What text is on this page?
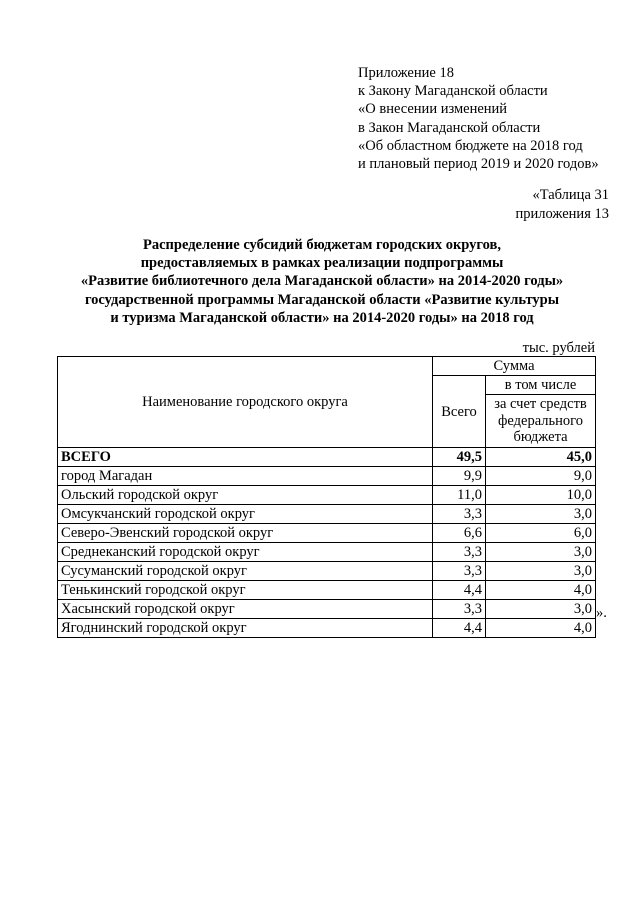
Приложение 18
к Закону Магаданской области
«О внесении изменений
в Закон Магаданской области
«Об областном бюджете на 2018 год
и плановый период 2019 и 2020 годов»
«Таблица 31
приложения 13
Распределение субсидий бюджетам городских округов,
предоставляемых в рамках реализации подпрограммы
«Развитие библиотечного дела Магаданской области» на 2014-2020 годы»
государственной программы Магаданской области «Развитие культуры
и туризма Магаданской области» на 2014-2020 годы» на 2018 год
тыс. рублей
Наименование городского округа	Сумма	
	Всего	в том числе
		за счет средств федерального бюджета
ВСЕГО	49,5	45,0
город Магадан	9,9	9,0
Ольский городской округ	11,0	10,0
Омсукчанский городской округ	3,3	3,0
Северо-Эвенский городской округ	6,6	6,0
Среднеканский городской округ	3,3	3,0
Сусуманский городской округ	3,3	3,0
Тенькинский городской округ	4,4	4,0
Хасынский городской округ	3,3	3,0
Ягоднинский городской округ	4,4	4,0
».
